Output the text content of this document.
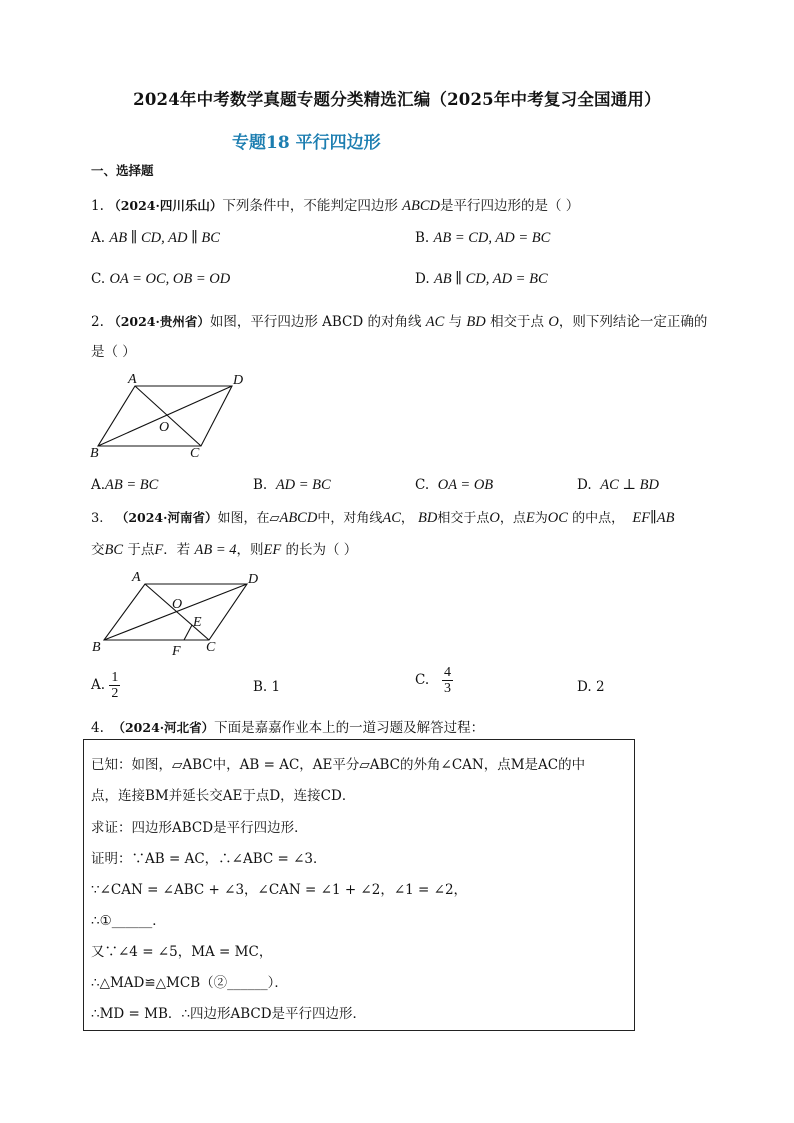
2024年中考数学真题专题分类精选汇编（2025年中考复习全国通用）
专题18 平行四边形
一、选择题
1. （2024·四川乐山）下列条件中，不能判定四边形 ABCD是平行四边形的是（ ）
A. AB ∥ CD, AD ∥ BC	B. AB = CD, AD = BC
C. OA = OC, OB = OD	D. AB ∥ CD, AD = BC
2. （2024·贵州省）如图，平行四边形 ABCD 的对角线 AC 与 BD 相交于点 O，则下列结论一定正确的
是（ ）
A	D
O
B	C
A.AB = BC	B. AD = BC	C. OA = OB	D. AC ⊥ BD
3. （2024·河南省）如图，在▱ABCD中，对角线AC， BD相交于点O，点E为OC 的中点， EF∥AB
交BC 于点F．若 AB = 4，则EF 的长为（ ）
A	D
O
E
B	F C
A. $\frac{1}{2}$	B. 1	C. $\frac{4}{3}$	D. 2
4. （2024·河北省）下面是嘉嘉作业本上的一道习题及解答过程：
已知：如图，▱ABC中，AB = AC，AE平分▱ABC的外角∠CAN，点M是AC的中
点，连接BM并延长交AE于点D，连接CD．
求证：四边形ABCD是平行四边形．
证明：∵AB = AC，∴∠ABC = ∠3．
∵∠CAN = ∠ABC + ∠3，∠CAN = ∠1 + ∠2，∠1 = ∠2，
∴①______．
又∵∠4 = ∠5，MA = MC，
∴△MAD≌△MCB（②______）．
∴MD = MB．∴四边形ABCD是平行四边形．
